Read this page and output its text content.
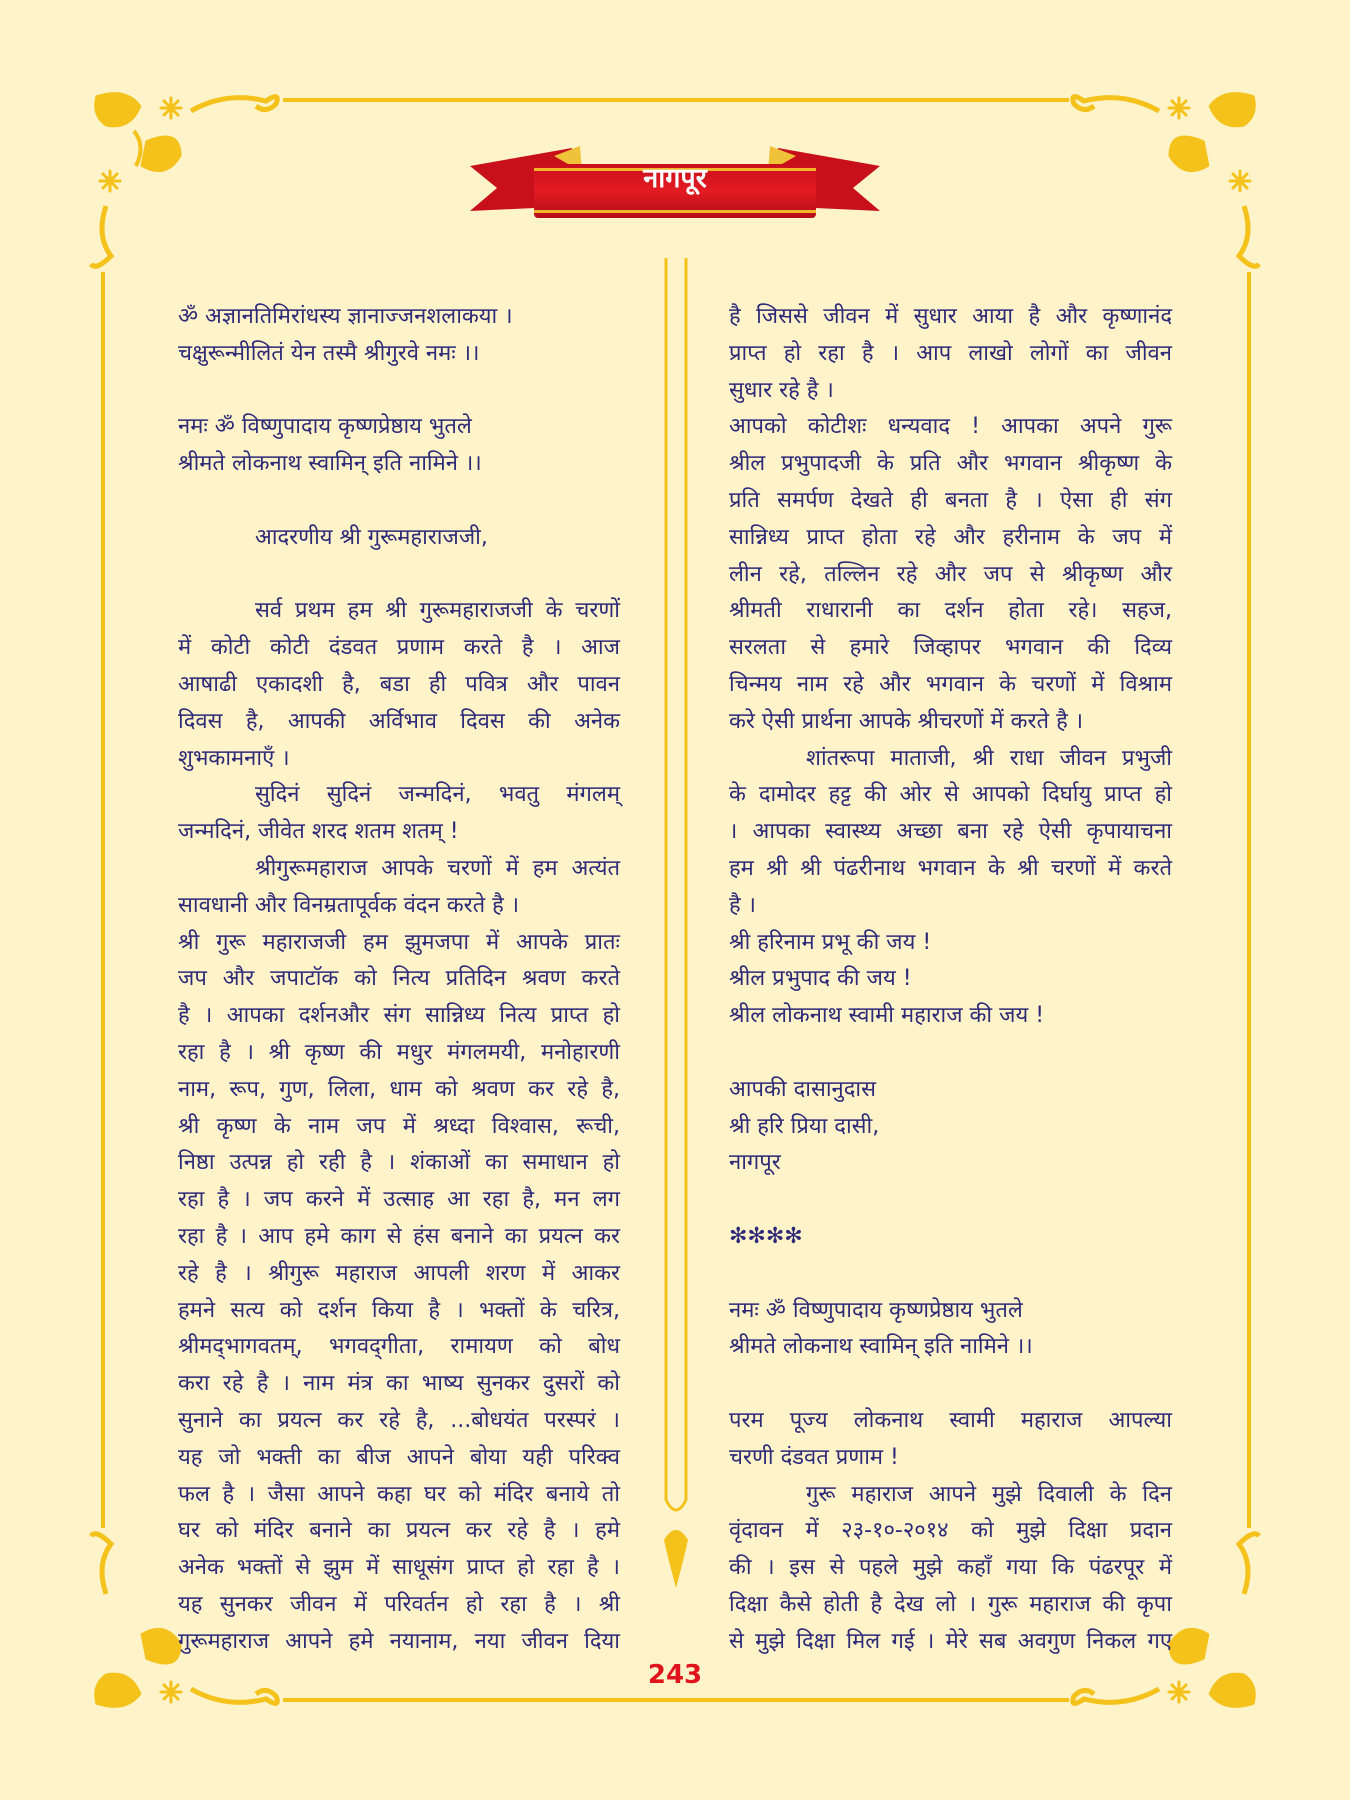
नागपूर
ॐ अज्ञानतिमिरांधस्य ज्ञानाज्जनशलाकया ।
चक्षुरून्मीलितं येन तस्मै श्रीगुरवे नमः ।।
नमः ॐ विष्णुपादाय कृष्णप्रेष्ठाय भुतले
श्रीमते लोकनाथ स्वामिन् इति नामिने ।।
आदरणीय श्री गुरूमहाराजजी,
सर्व प्रथम हम श्री गुरूमहाराजजी के चरणों
में कोटी कोटी दंडवत प्रणाम करते है । आज
आषाढी एकादशी है, बडा ही पवित्र और पावन
दिवस है, आपकी अर्विभाव दिवस की अनेक
शुभकामनाएँ ।
सुदिनं सुदिनं जन्मदिनं, भवतु मंगलम्
जन्मदिनं, जीवेत शरद शतम शतम् !
श्रीगुरूमहाराज आपके चरणों में हम अत्यंत
सावधानी और विनम्रतापूर्वक वंदन करते है ।
श्री गुरू महाराजजी हम झुमजपा में आपके प्रातः
जप और जपाटॉक को नित्य प्रतिदिन श्रवण करते
है । आपका दर्शनऔर संग सान्निध्य नित्य प्राप्त हो
रहा है । श्री कृष्ण की मधुर मंगलमयी, मनोहारणी
नाम, रूप, गुण, लिला, धाम को श्रवण कर रहे है,
श्री कृष्ण के नाम जप में श्रध्दा विश्वास, रूची,
निष्ठा उत्पन्न हो रही है । शंकाओं का समाधान हो
रहा है । जप करने में उत्साह आ रहा है, मन लग
रहा है । आप हमे काग से हंस बनाने का प्रयत्न कर
रहे है । श्रीगुरू महाराज आपली शरण में आकर
हमने सत्य को दर्शन किया है । भक्तों के चरित्र,
श्रीमद्‌भागवतम्, भगवद्‌गीता, रामायण को बोध
करा रहे है । नाम मंत्र का भाष्य सुनकर दुसरों को
सुनाने का प्रयत्न कर रहे है, ...बोधयंत परस्परं ।
यह जो भक्ती का बीज आपने बोया यही परिक्व
फल है । जैसा आपने कहा घर को मंदिर बनाये तो
घर को मंदिर बनाने का प्रयत्न कर रहे है । हमे
अनेक भक्तों से झुम में साधूसंग प्राप्त हो रहा है ।
यह सुनकर जीवन में परिवर्तन हो रहा है । श्री
गुरूमहाराज आपने हमे नयानाम, नया जीवन दिया
है जिससे जीवन में सुधार आया है और कृष्णानंद
प्राप्त हो रहा है । आप लाखो लोगों का जीवन
सुधार रहे है ।
आपको कोटीशः धन्यवाद ! आपका अपने गुरू
श्रील प्रभुपादजी के प्रति और भगवान श्रीकृष्ण के
प्रति समर्पण देखते ही बनता है । ऐसा ही संग
सान्निध्य प्राप्त होता रहे और हरीनाम के जप में
लीन रहे, तल्लिन रहे और जप से श्रीकृष्ण और
श्रीमती राधारानी का दर्शन होता रहे। सहज,
सरलता से हमारे जिव्हापर भगवान की दिव्य
चिन्मय नाम रहे और भगवान के चरणों में विश्राम
करे ऐसी प्रार्थना आपके श्रीचरणों में करते है ।
शांतरूपा माताजी, श्री राधा जीवन प्रभुजी
के दामोदर हट्ट की ओर से आपको दिर्घायु प्राप्त हो
। आपका स्वास्थ्य अच्छा बना रहे ऐसी कृपायाचना
हम श्री श्री पंढरीनाथ भगवान के श्री चरणों में करते
है ।
श्री हरिनाम प्रभू की जय !
श्रील प्रभुपाद की जय !
श्रील लोकनाथ स्वामी महाराज की जय !
आपकी दासानुदास
श्री हरि प्रिया दासी,
नागपूर
✻✻✻✻
नमः ॐ विष्णुपादाय कृष्णप्रेष्ठाय भुतले
श्रीमते लोकनाथ स्वामिन् इति नामिने ।।
परम पूज्य लोकनाथ स्वामी महाराज आपल्या
चरणी दंडवत प्रणाम !
गुरू महाराज आपने मुझे दिवाली के दिन
वृंदावन में २३-१०-२०१४ को मुझे दिक्षा प्रदान
की । इस से पहले मुझे कहाँ गया कि पंढरपूर में
दिक्षा कैसे होती है देख लो । गुरू महाराज की कृपा
से मुझे दिक्षा मिल गई । मेरे सब अवगुण निकल गए
243
